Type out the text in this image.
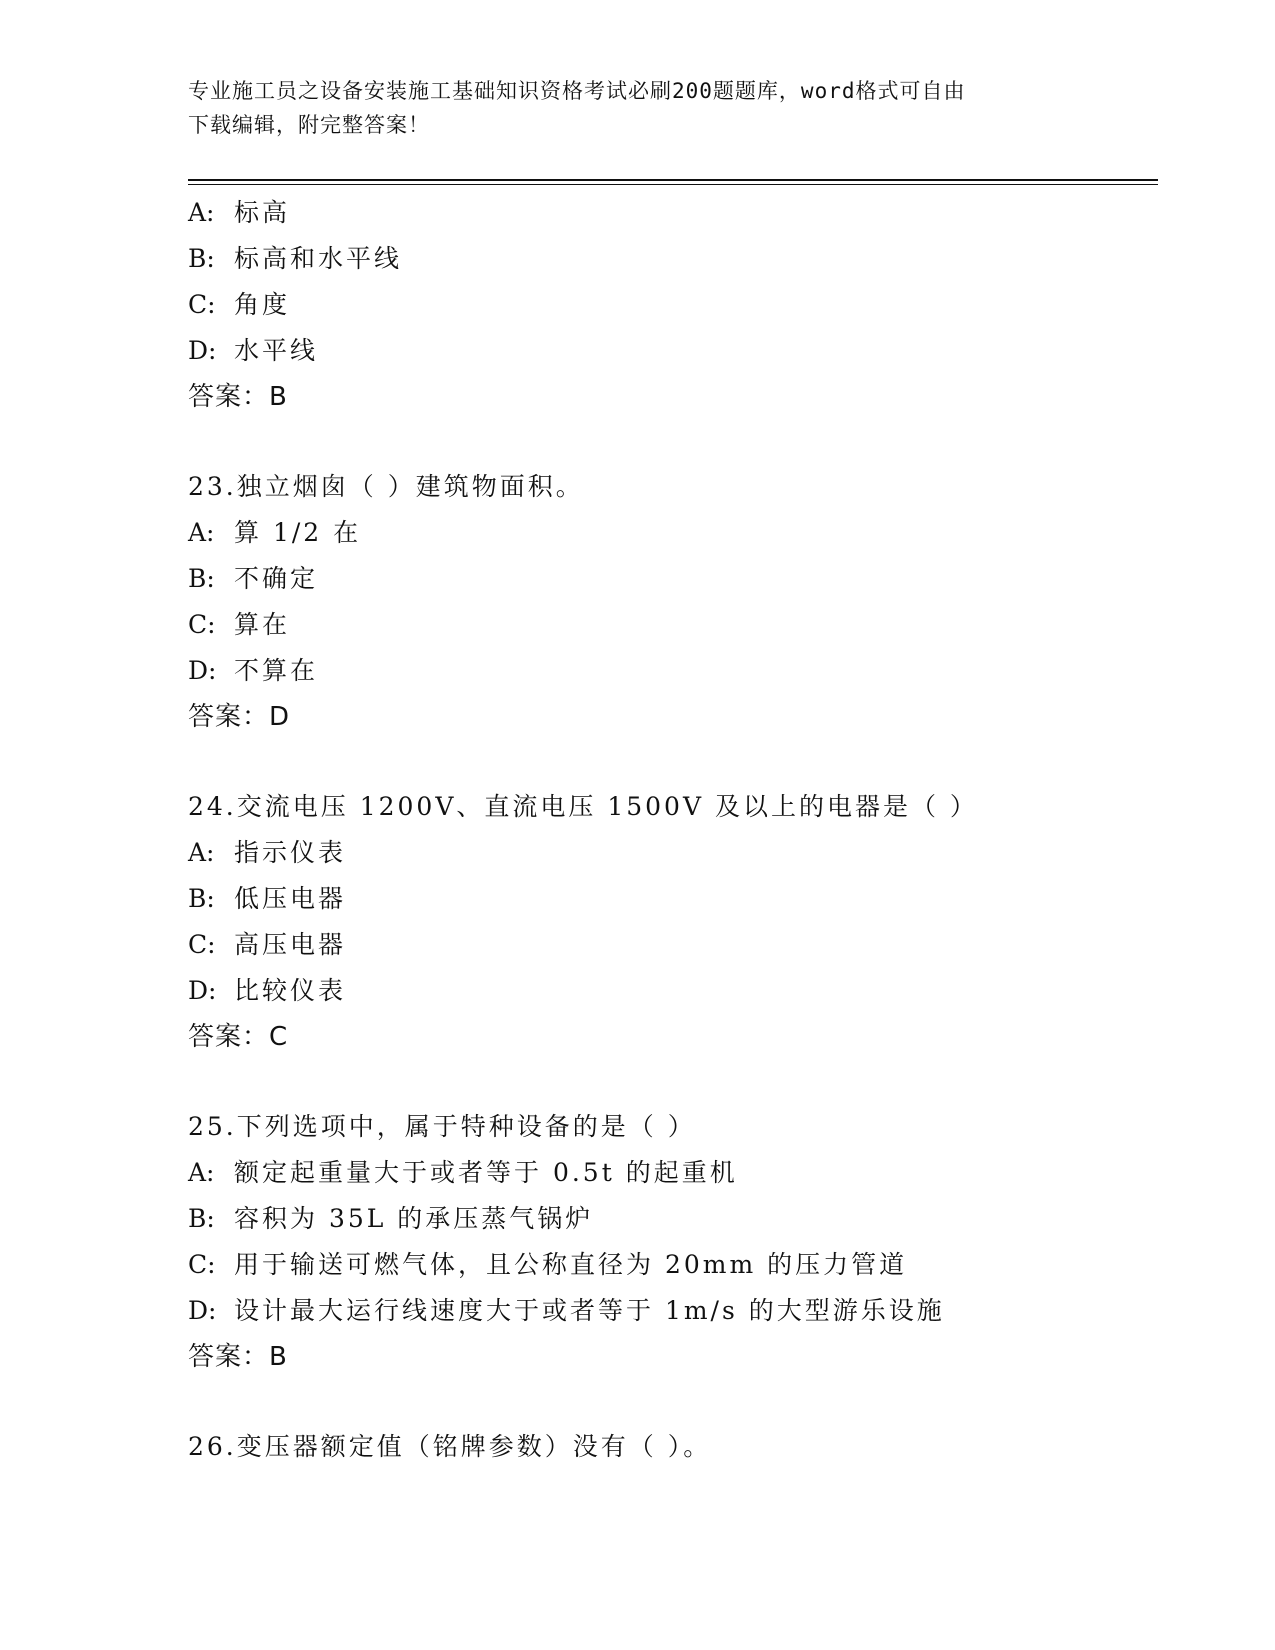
专业施工员之设备安装施工基础知识资格考试必刷200题题库，word格式可自由
下载编辑，附完整答案！
A: 标高
B: 标高和水平线
C: 角度
D: 水平线
答案：B
23.独立烟囱（ ）建筑物面积。
A: 算 1/2 在
B: 不确定
C: 算在
D: 不算在
答案：D
24.交流电压 1200V、直流电压 1500V 及以上的电器是（ ）
A: 指示仪表
B: 低压电器
C: 高压电器
D: 比较仪表
答案：C
25.下列选项中，属于特种设备的是（ ）
A: 额定起重量大于或者等于 0.5t 的起重机
B: 容积为 35L 的承压蒸气锅炉
C: 用于输送可燃气体，且公称直径为 20mm 的压力管道
D: 设计最大运行线速度大于或者等于 1m/s 的大型游乐设施
答案：B
26.变压器额定值（铭牌参数）没有（ ）。
